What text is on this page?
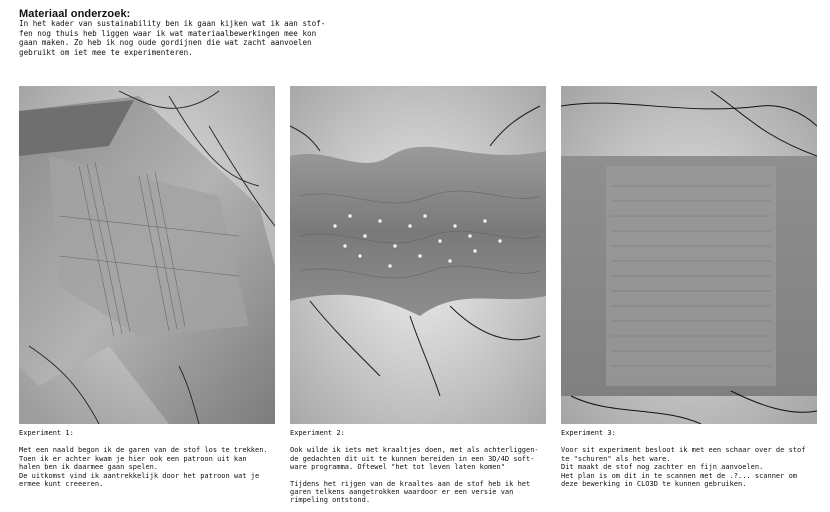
Materiaal onderzoek:
In het kader van sustainability ben ik gaan kijken wat ik aan stof-
fen nog thuis heb liggen waar ik wat materiaalbewerkingen mee kon
gaan maken. Zo heb ik nog oude gordijnen die wat zacht aanvoelen
gebruikt om iet mee te experimenteren.
Experiment 1:
Met een naald begon ik de garen van de stof los te trekken.
Toen ik er achter kwam je hier ook een patroon uit kan
halen ben ik daarmee gaan spelen.
De uitkomst vind ik aantrekkelijk door het patroon wat je
ermee kunt creeeren.
Experiment 2:
Ook wilde ik iets met kraaltjes doen, met als achterliggen-
de gedachten dit uit te kunnen bereiden in een 3D/4D soft-
ware programma. Oftewel "het tot leven laten komen"
Tijdens het rijgen van de kraaltes aan de stof heb ik het
garen telkens aangetrokken waardoor er een versie van
rimpeling ontstond.
Experiment 3:
Voor sit experiment besloot ik met een schaar over de stof
te "schuren" als het ware.
Dit maakt de stof nog zachter en fijn aanvoelen.
Het plan is om dit in te scannen met de .?... scanner om
deze bewerking in CLO3D te kunnen gebruiken.
